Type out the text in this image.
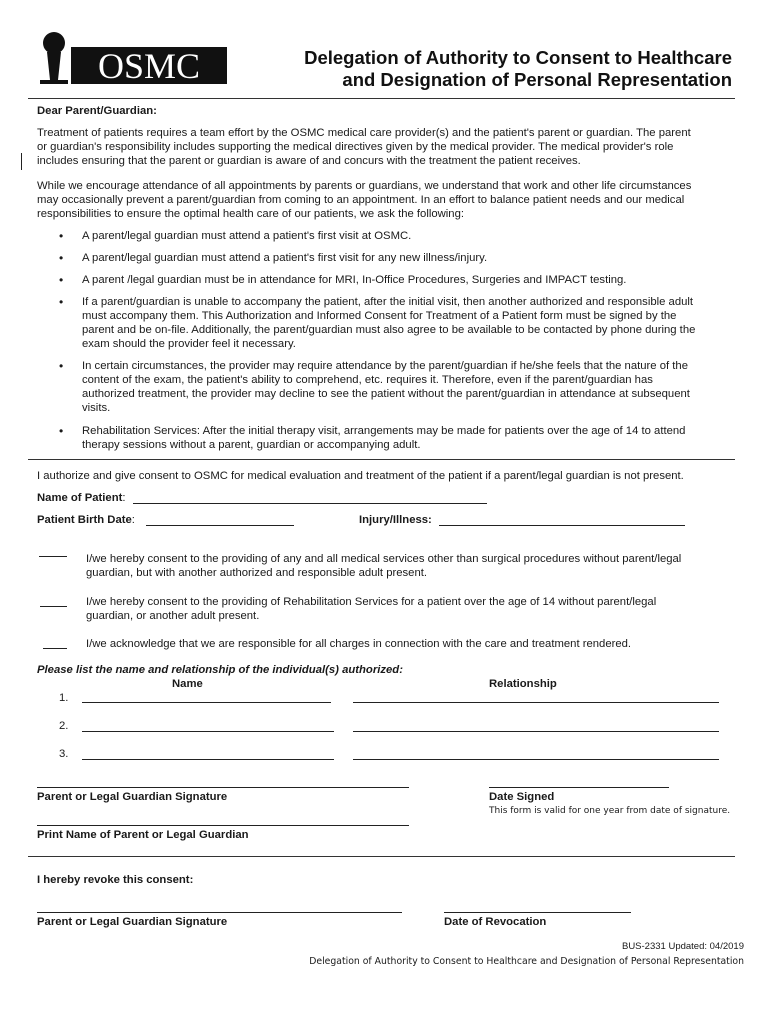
OSMC	Delegation of Authority to Consent to Healthcare
and Designation of Personal Representation
Dear Parent/Guardian:
Treatment of patients requires a team effort by the OSMC medical care provider(s) and the patient's parent or guardian. The parent
or guardian's responsibility includes supporting the medical directives given by the medical provider. The medical provider's role
includes ensuring that the parent or guardian is aware of and concurs with the treatment the patient receives.
While we encourage attendance of all appointments by parents or guardians, we understand that work and other life circumstances
may occasionally prevent a parent/guardian from coming to an appointment. In an effort to balance patient needs and our medical
responsibilities to ensure the optimal health care of our patients, we ask the following:
• A parent/legal guardian must attend a patient's first visit at OSMC.
• A parent/legal guardian must attend a patient's first visit for any new illness/injury.
• A parent /legal guardian must be in attendance for MRI, In-Office Procedures, Surgeries and IMPACT testing.
• If a parent/guardian is unable to accompany the patient, after the initial visit, then another authorized and responsible adult
must accompany them. This Authorization and Informed Consent for Treatment of a Patient form must be signed by the
parent and be on-file. Additionally, the parent/guardian must also agree to be available to be contacted by phone during the
exam should the provider feel it necessary.
• In certain circumstances, the provider may require attendance by the parent/guardian if he/she feels that the nature of the
content of the exam, the patient's ability to comprehend, etc. requires it. Therefore, even if the parent/guardian has
authorized treatment, the provider may decline to see the patient without the parent/guardian in attendance at subsequent
visits.
• Rehabilitation Services: After the initial therapy visit, arrangements may be made for patients over the age of 14 to attend
therapy sessions without a parent, guardian or accompanying adult.
I authorize and give consent to OSMC for medical evaluation and treatment of the patient if a parent/legal guardian is not present.
Name of Patient:
Patient Birth Date:	Injury/Illness:
I/we hereby consent to the providing of any and all medical services other than surgical procedures without parent/legal
guardian, but with another authorized and responsible adult present.
I/we hereby consent to the providing of Rehabilitation Services for a patient over the age of 14 without parent/legal
guardian, or another adult present.
I/we acknowledge that we are responsible for all charges in connection with the care and treatment rendered.
Please list the name and relationship of the individual(s) authorized:
Name	Relationship
1.
2.
3.
Parent or Legal Guardian Signature	Date Signed
This form is valid for one year from date of signature.
Print Name of Parent or Legal Guardian
I hereby revoke this consent:
Parent or Legal Guardian Signature	Date of Revocation
BUS-2331 Updated: 04/2019
Delegation of Authority to Consent to Healthcare and Designation of Personal Representation
